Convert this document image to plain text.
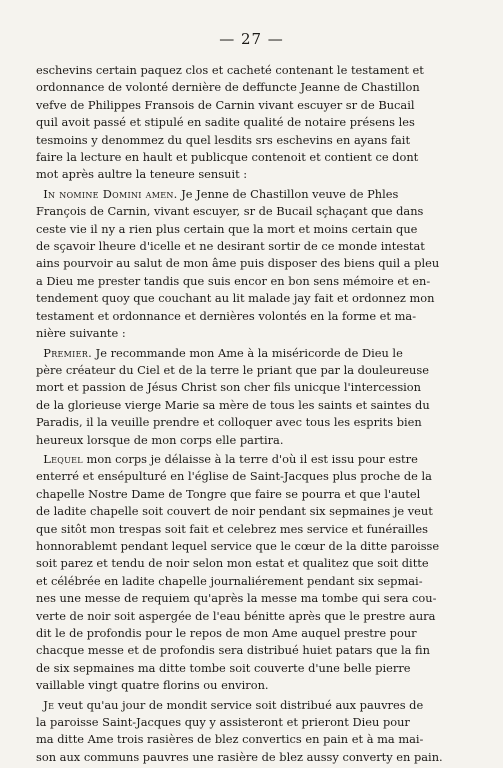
— 27 —

eschevins certain paquez clos et cacheté contenant le testament et
ordonnance de volonté dernière de deffuncte Jeanne de Chastillon
vefve de Philippes Fransois de Carnin vivant escuyer sr de Bucail
quil avoit passé et stipulé en sadite qualité de notaire présens les
tesmoins y denommez du quel lesdits srs eschevins en ayans fait
faire la lecture en hault et publicque contenoit et contient ce dont
mot après aultre la teneure sensuit :

In nomine Domini amen. Je Jenne de Chastillon veuve de Phles
François de Carnin, vivant escuyer, sr de Bucail sçhaçant que dans
ceste vie il ny a rien plus certain que la mort et moins certain que
de sçavoir lheure d'icelle et ne desirant sortir de ce monde intestat
ains pourvoir au salut de mon âme puis disposer des biens quil a pleu
a Dieu me prester tandis que suis encor en bon sens mémoire et en-
tendement quoy que couchant au lit malade jay fait et ordonnez mon
testament et ordonnance et dernières volontés en la forme et ma-
nière suivante :

Premier. Je recommande mon Ame à la miséricorde de Dieu le
père créateur du Ciel et de la terre le priant que par la douleureuse
mort et passion de Jésus Christ son cher fils unicque l'intercession
de la glorieuse vierge Marie sa mère de tous les saints et saintes du
Paradis, il la veuille prendre et colloquer avec tous les esprits bien
heureux lorsque de mon corps elle partira.

Lequel mon corps je délaisse à la terre d'où il est issu pour estre
enterré et ensépulturé en l'église de Saint-Jacques plus proche de la
chapelle Nostre Dame de Tongre que faire se pourra et que l'autel
de ladite chapelle soit couvert de noir pendant six sepmaines je veut
que sitôt mon trespas soit fait et celebrez mes service et funérailles
honnorablemt pendant lequel service que le cœur de la ditte paroisse
soit parez et tendu de noir selon mon estat et qualitez que soit ditte
et célébrée en ladite chapelle journaliérement pendant six sepmai-
nes une messe de requiem qu'après la messe ma tombe qui sera cou-
verte de noir soit aspergée de l'eau bénitte après que le prestre aura
dit le de profondis pour le repos de mon Ame auquel prestre pour
chacque messe et de profondis sera distribué huiet patars que la fin
de six sepmaines ma ditte tombe soit couverte d'une belle pierre
vaillable vingt quatre florins ou environ.

Je veut qu'au jour de mondit service soit distribué aux pauvres de
la paroisse Saint-Jacques quy y assisteront et prieront Dieu pour
ma ditte Ame trois rasières de blez convertics en pain et à ma mai-
son aux communs pauvres une rasière de blez aussy converty en pain.
